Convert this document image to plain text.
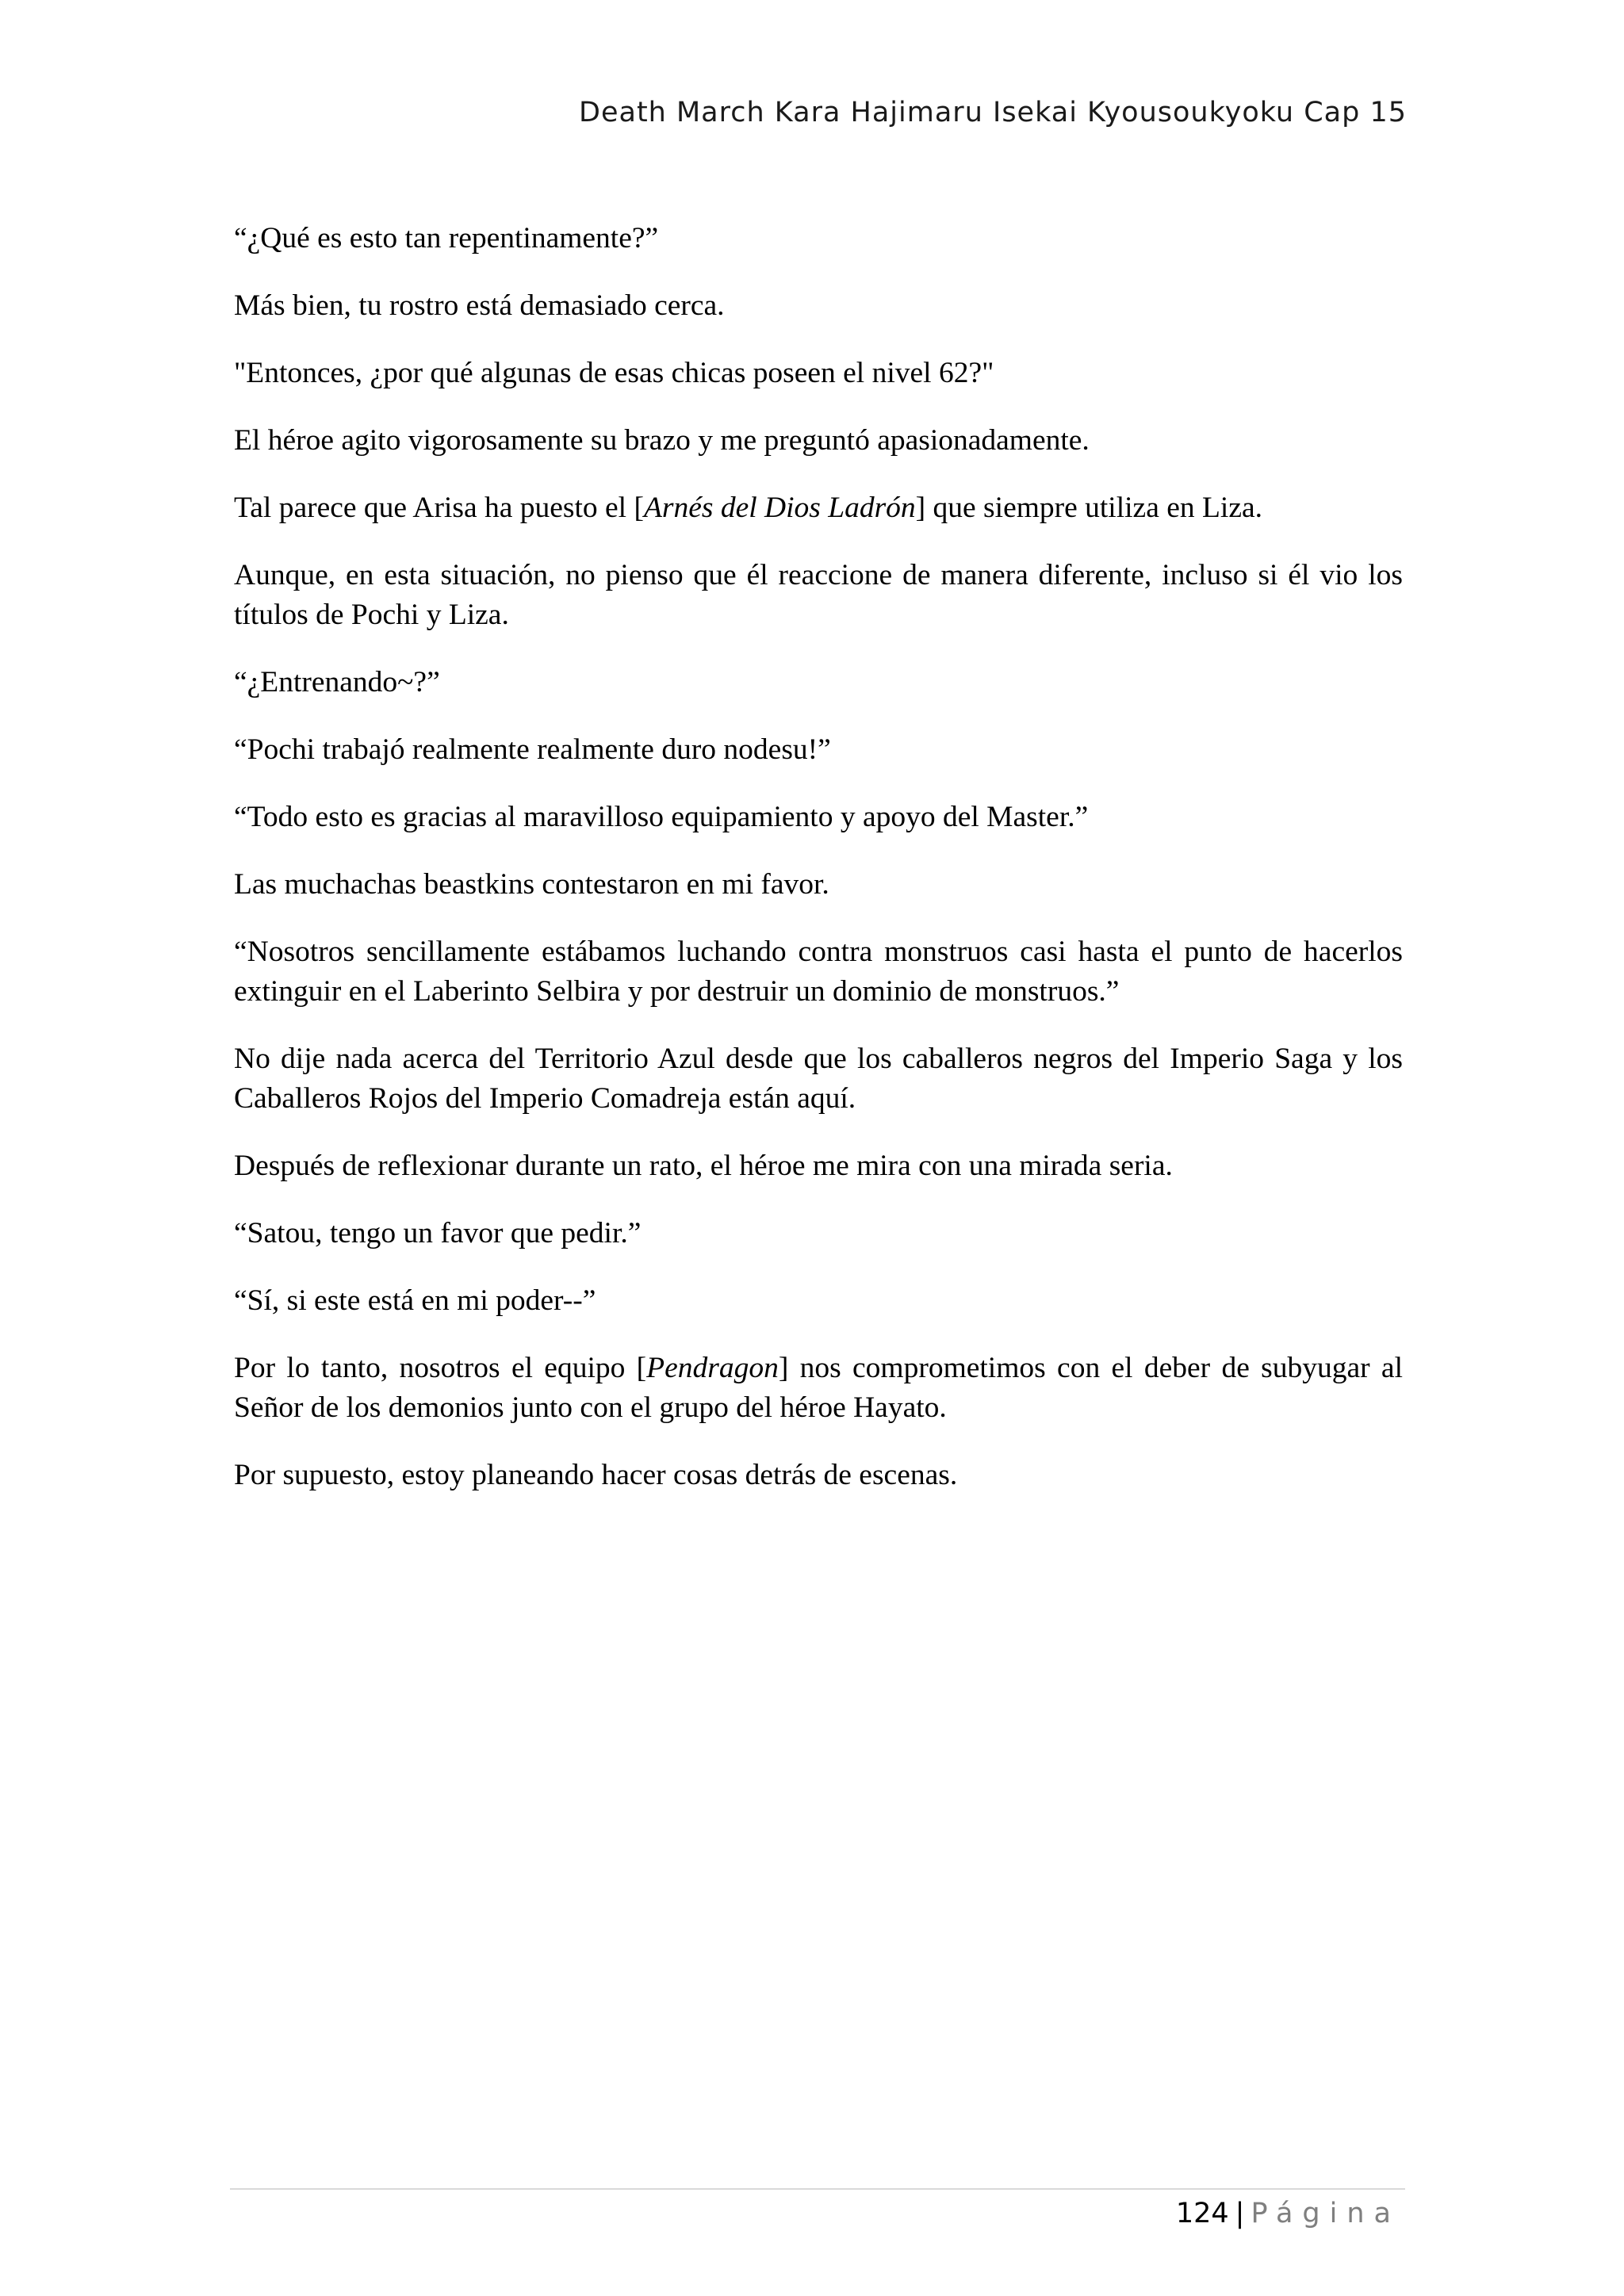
Death March Kara Hajimaru Isekai Kyousoukyoku Cap 15

“¿Qué es esto tan repentinamente?”

Más bien, tu rostro está demasiado cerca.

"Entonces, ¿por qué algunas de esas chicas poseen el nivel 62?"

El héroe agito vigorosamente su brazo y me preguntó apasionadamente.

Tal parece que Arisa ha puesto el [Arnés del Dios Ladrón] que siempre utiliza en Liza.

Aunque, en esta situación, no pienso que él reaccione de manera diferente, incluso si él vio los títulos de Pochi y Liza.

“¿Entrenando~?”

“Pochi trabajó realmente realmente duro nodesu!”

“Todo esto es gracias al maravilloso equipamiento y apoyo del Master.”

Las muchachas beastkins contestaron en mi favor.

“Nosotros sencillamente estábamos luchando contra monstruos casi hasta el punto de hacerlos extinguir en el Laberinto Selbira y por destruir un dominio de monstruos.”

No dije nada acerca del Territorio Azul desde que los caballeros negros del Imperio Saga y los Caballeros Rojos del Imperio Comadreja están aquí.

Después de reflexionar durante un rato, el héroe me mira con una mirada seria.

“Satou, tengo un favor que pedir.”

“Sí, si este está en mi poder--”

Por lo tanto, nosotros el equipo [Pendragon] nos comprometimos con el deber de subyugar al Señor de los demonios junto con el grupo del héroe Hayato.

Por supuesto, estoy planeando hacer cosas detrás de escenas.

124 | Página
